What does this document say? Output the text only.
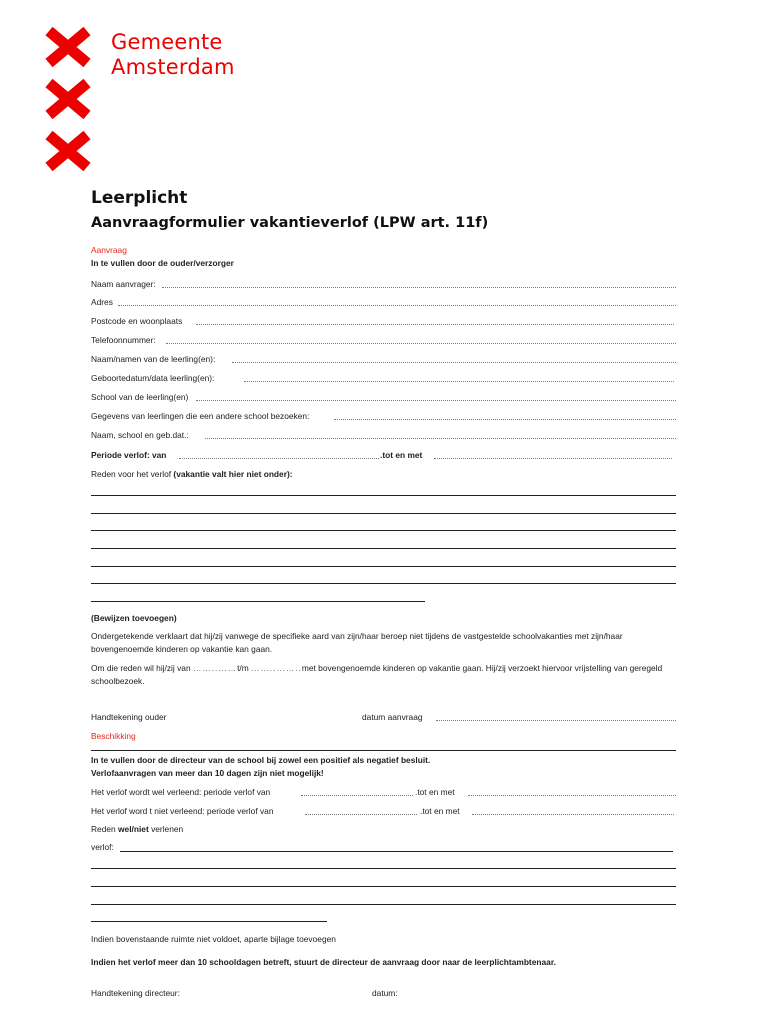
Gemeente
Amsterdam
Leerplicht
Aanvraagformulier vakantieverlof (LPW art. 11f)
Aanvraag
In te vullen door de ouder/verzorger
Naam aanvrager:
Adres
Postcode en woonplaats
Telefoonnummer:
Naam/namen van de leerling(en):
Geboortedatum/data leerling(en):
School van de leerling(en)
Gegevens van leerlingen die een andere school bezoeken:
Naam, school en geb.dat.:
Periode verlof: van	.tot en met
Reden voor het verlof (vakantie valt hier niet onder):
(Bewijzen toevoegen)
Ondergetekende verklaart dat hij/zij vanwege de specifieke aard van zijn/haar beroep niet tijdens de vastgestelde schoolvakanties met zijn/haar bovengenoemde kinderen op vakantie kan gaan.
Om die reden wil hij/zij van ……..……t/m ……..……..met bovengenoemde kinderen op vakantie gaan. Hij/zij verzoekt hiervoor vrijstelling van geregeld schoolbezoek.
Handtekening ouder	datum aanvraag
Beschikking
In te vullen door de directeur van de school bij zowel een positief als negatief besluit.
Verlofaanvragen van meer dan 10 dagen zijn niet mogelijk!
Het verlof wordt wel verleend: periode verlof van	.tot en met
Het verlof word t niet verleend: periode verlof van	.tot en met
Reden wel/niet verlenen
verlof:
Indien bovenstaande ruimte niet voldoet, aparte bijlage toevoegen
Indien het verlof meer dan 10 schooldagen betreft, stuurt de directeur de aanvraag door naar de leerplichtambtenaar.
Handtekening directeur:	datum:
